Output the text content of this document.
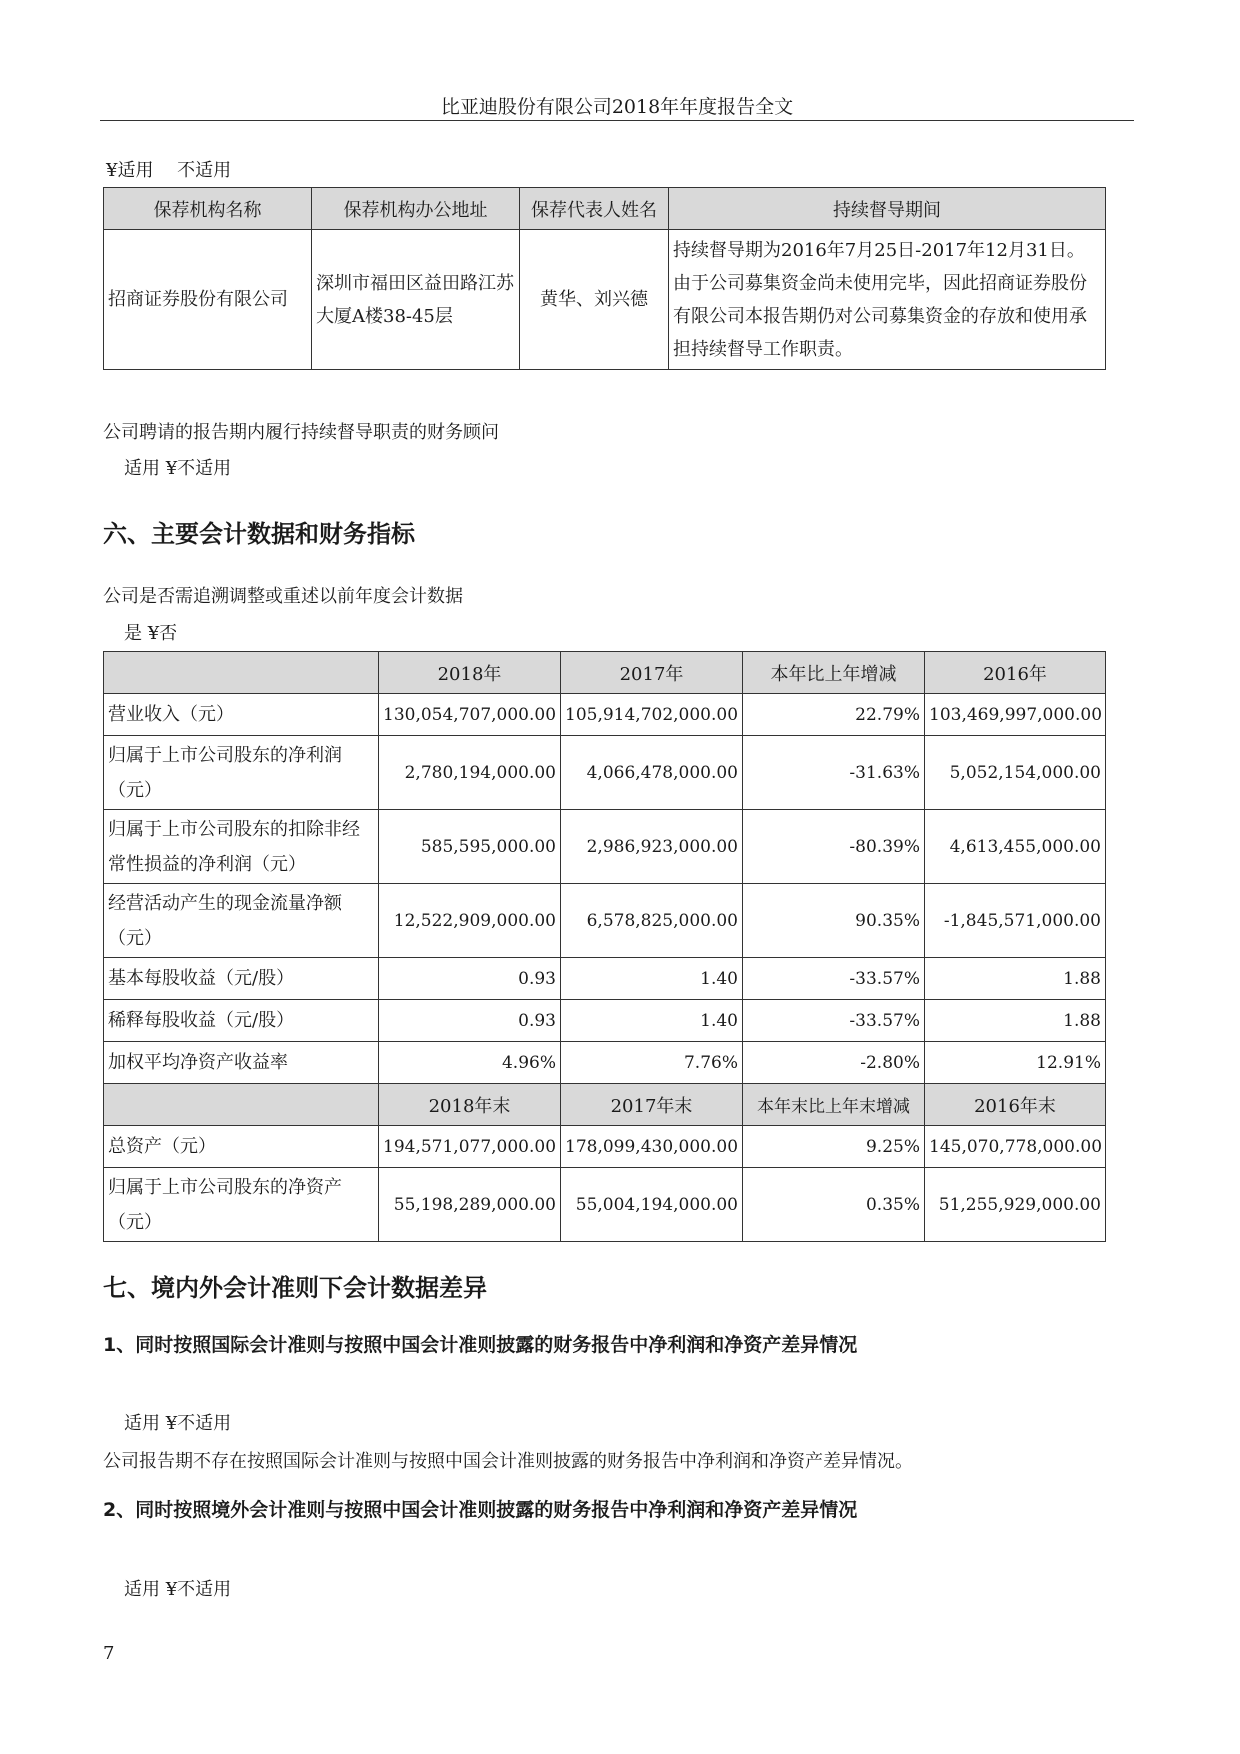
比亚迪股份有限公司2018年年度报告全文
¥适用　 不适用
保荐机构名称	保荐机构办公地址	保荐代表人姓名	持续督导期间
招商证券股份有限公司	深圳市福田区益田路江苏大厦A楼38-45层	黄华、刘兴德	持续督导期为2016年7月25日-2017年12月31日。由于公司募集资金尚未使用完毕，因此招商证券股份有限公司本报告期仍对公司募集资金的存放和使用承担持续督导工作职责。
公司聘请的报告期内履行持续督导职责的财务顾问
适用 ¥不适用
六、主要会计数据和财务指标
公司是否需追溯调整或重述以前年度会计数据
是 ¥否
	2018年	2017年	本年比上年增减	2016年
营业收入（元）	130,054,707,000.00	105,914,702,000.00	22.79%	103,469,997,000.00
归属于上市公司股东的净利润（元）	2,780,194,000.00	4,066,478,000.00	-31.63%	5,052,154,000.00
归属于上市公司股东的扣除非经常性损益的净利润（元）	585,595,000.00	2,986,923,000.00	-80.39%	4,613,455,000.00
经营活动产生的现金流量净额（元）	12,522,909,000.00	6,578,825,000.00	90.35%	-1,845,571,000.00
基本每股收益（元/股）	0.93	1.40	-33.57%	1.88
稀释每股收益（元/股）	0.93	1.40	-33.57%	1.88
加权平均净资产收益率	4.96%	7.76%	-2.80%	12.91%
	2018年末	2017年末	本年末比上年末增减	2016年末
总资产（元）	194,571,077,000.00	178,099,430,000.00	9.25%	145,070,778,000.00
归属于上市公司股东的净资产（元）	55,198,289,000.00	55,004,194,000.00	0.35%	51,255,929,000.00
七、境内外会计准则下会计数据差异
1、同时按照国际会计准则与按照中国会计准则披露的财务报告中净利润和净资产差异情况
适用 ¥不适用
公司报告期不存在按照国际会计准则与按照中国会计准则披露的财务报告中净利润和净资产差异情况。
2、同时按照境外会计准则与按照中国会计准则披露的财务报告中净利润和净资产差异情况
适用 ¥不适用
7
